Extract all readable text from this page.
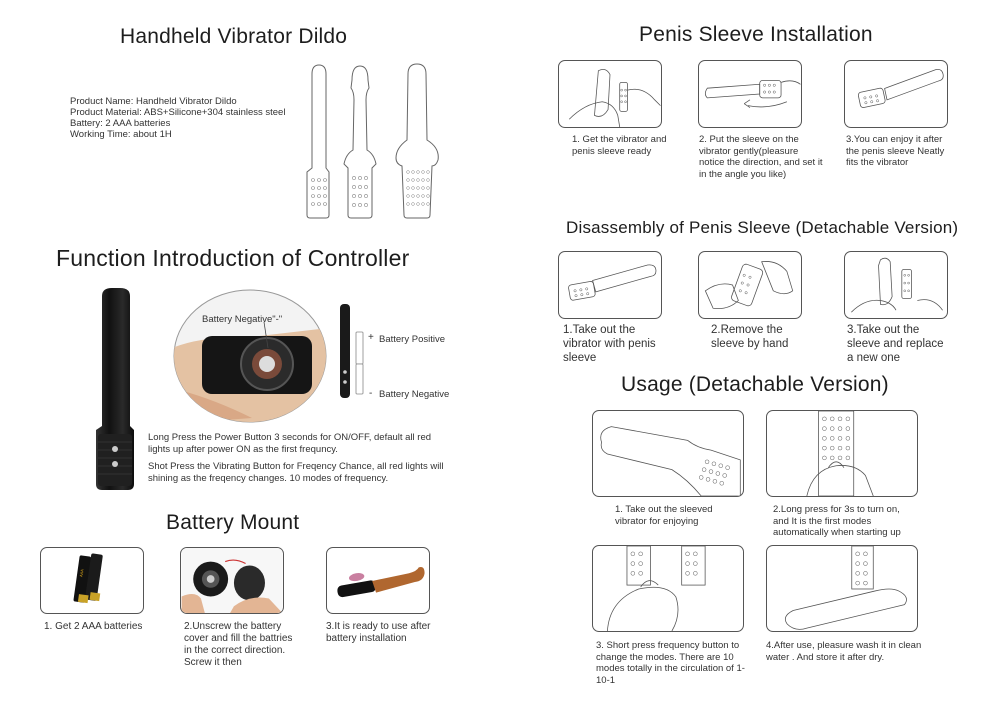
Handheld Vibrator Dildo
Product Name: Handheld Vibrator Dildo
Product Material: ABS+Silicone+304 stainless steel
Battery: 2 AAA batteries
Working Time: about 1H
Function Introduction of Controller
Battery Negative"-"
+ Battery Positive
- Battery Negative
Long Press the Power Button 3 seconds for ON/OFF, default all red lights up after power ON as the first frequncy.
Shot Press the Vibrating Button for Freqency Chance, all red lights will shining as the freqency changes. 10 modes of frequency.
Battery Mount
AAA
1. Get 2 AAA batteries	2.Unscrew the battery cover and fill the battries in the correct direction. Screw it then
3.It is ready to use after battery installation
Penis Sleeve Installation
1. Get the vibrator and penis sleeve ready
2. Put the sleeve on the vibrator gently(pleasure notice the direction, and set it in the angle you like)
3.You can enjoy it after the penis sleeve Neatly fits the vibrator
Disassembly of Penis Sleeve (Detachable Version)
1.Take out the vibrator with penis sleeve
2.Remove the sleeve by hand
3.Take out the sleeve and replace a new one
Usage (Detachable Version)
1. Take out the sleeved vibrator for enjoying
2.Long press for 3s to turn on, and It is the first modes automatically when starting up
3. Short press frequency button to change the modes. There are 10 modes totally in the circulation of 1-10-1
4.After use, pleasure wash it in clean water . And store it after dry.
